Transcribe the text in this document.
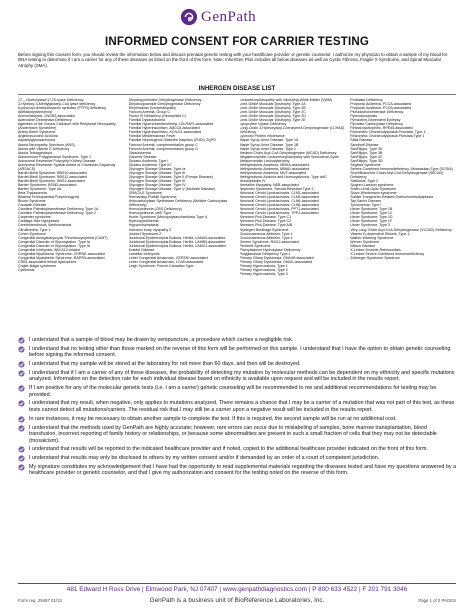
GenPath
INFORMED CONSENT FOR CARRIER TESTING

Before signing this consent form, you should review the information below and discuss prenatal genetic testing with your healthcare provider or genetic counselor. I authorize my physician to obtain a sample of my blood for DNA testing to determine if I am a carrier for any of these diseases as listed on the front of this form. Note: InherGen Plus includes all below diseases as well as Cystic Fibrosis, Fragile X Syndrome, and Spinal Muscular Atrophy (SMA).

INHERGEN DISEASE LIST
17-_-Hydroxylase/17,20-lyase Deficiency
3-Hydroxy-3-Methylglutaryl-CoA lyase deficiency
6-pyruvoyl-tetrahydropterin synthase (PTPS) deficiency
Abetalipoproteinemia
Achromatopsia, CNGB3-associated
Adenosine Deaminase Deficiency
Agenesis of the Corpus Callosum with Peripheral Neuropathy (Andermann Syndrome)
Antley-Bixler Syndrome
Argininosuccinic Aciduria
Aspartylglycosaminuria
Ataxia Neuropathy Spectrum (ANS)
Ataxia with Vitamin E Deficiency
Ataxia-Telangiectasia
Autoimmune Polyglandular Syndrome, Type 1
Autosomal Recessive Polycystic Kidney Disease
Autosomal Recessive Spastic Ataxia of Charlevoix-Saguenay (ARSACS)
Bardet-Biedl Syndrome, BBS10-associated
Bardet-Biedl Syndrome, BBS12-associated
Bardet-Biedl Syndrome, BBS1-associated
Bartter Syndrome, BSND-associated
Bartter Syndrome, Type 4A
Beta Thalassemia
Bilateral Frontoparietal Polymicrogyria
Bloom Syndrome
Canavan Disease
Carnitine Palmitoyltransferase Deficiency, Type 1A
Carnitine Palmitoyltransferase Deficiency, Type 2
Carpenter syndrome
Cartilage-Hair Hypoplasia
Cerebrotendinous Xanthomatosis
Citrullinemia, Type 1
Cohen Syndrome
Congenital Amegakaryocytic Thrombocytopenia (CAMT)
Congenital Disorder of Glycosylation, Type Ia
Congenital Disorder of Glycosylation, Type Ib
Congenital Ichthyosis, ABCA12-related
Congenital Myasthenic Syndrome, CHRNE-associated
Congenital Myasthenic Syndrome, RAPSN-associated
CRB1-associated retinal dystrophies
Crigler-Najjar syndrome
Cystinosis
Dihydropyrimidine Dehydrogenase Deficiency
Dihydrolipoamide Dehydrogenase Deficiency
Ethylmalonic Encephalopathy
Fanconi Anemia, Group C
Factor XI Deficiency (Hemophilia C)
Familial Dysautonomia
Familial Hypercholesterolemia, LDLRAP1-associated
Familial Hyperinsulinism, ABCC8-associated
Familial Hyperinsulinism, KCNJ11-associated
Familial Mediterranean Fever
Familial Nephrogenic Diabetes Insipidus (FNDI), AQP2
Fanconi Anemia, complementation group C
Fanconi Anemia, complementation group G
Galactosemia
Gaucher Disease
Glutaric Acidemia, Type I
Glutaric Acidemia, Type IIC
Glycogen Storage Disease, Type Ia
Glycogen Storage Disease, Type Ib
Glycogen Storage Disease, Type II (Pompe Disease)
Glycogen Storage Disease, Type III
Glycogen Storage Disease, Type IV
Glycogen Storage Disease, Type V (McArdle Disease)
GRACILE Syndrome
Hermansky-Pudlak Syndrome
Holocarboxylase Synthetase Deficiency (Multiple Carboxylase Deficiency)
Homocystinuria (CBS Deficiency)
Homocystinuria, cblE Type
Hurler Syndrome (Mucopolysaccharidosis Type I)
Hydroxyprolinemia
Hypophosphatasia
Inclusion body myopathy 2
Joubert Syndrome 2
Junctional Epidermolysis Bullosa, Herlitz, LAMA3-associated
Junctional Epidermolysis Bullosa, Herlitz, LAMB3-associated
Junctional Epidermolysis Bullosa, Herlitz, LAMC2-associated
Krabbe Disease
Lamellar Ichthyosis
Leber Congenital Amaurosis, CEP290-associated
Leber Congenital Amaurosis, LCA5-associated
Leigh Syndrome, French-Canadian Type
Leukoencephalopathy with Vanishing White Matter (VWM)
Limb-Girdle Muscular Dystrophy, Type 2A
Limb-Girdle Muscular Dystrophy, Type 2B
Limb-Girdle Muscular Dystrophy, Type 2C
Limb-Girdle Muscular Dystrophy, Type 2D
Limb-Girdle Muscular Dystrophy, Type 2E
Lipoprotein Lipase Deficiency
Long-Chain 3-Hydroxyacyl-CoenzymeA Dehydrogenase (LCHAD) Deficiency
Lysinuric Protein Intolerance
Maple Syrup Urine Disease, Type 1A
Maple Syrup Urine Disease, Type 1B
Maple Syrup Urine Disease, Type 2
Medium-Chain Acyl-CoA Dehydrogenase (MCAD) Deficiency
Megalencephalic Leukoencephalopathy with Subcortical Cysts
Metachromatic Leukodystrophy
Methylmalonic Acidemia, MMAA-associated
Methylmalonic Acidemia, MMAB-associated
Methylmalonic Acidemia, MUT-associated
Methylmalonic Aciduria and Homocystinuria, Type cblC
Mucolipidosis IV
Nemaline Myopathy, NEB-associated
Nephrotic Syndrome, Steroid-Resistant Type 2
Neuronal Ceroid Lipofuscinosis, CLN3-associated
Neuronal Ceroid Lipofuscinosis, CLN5-associated
Neuronal Ceroid Lipofuscinosis, CLN6-associated
Neuronal Ceroid Lipofuscinosis, CLN8-associated
Neuronal Ceroid Lipofuscinosis, PPT1-associated
Neuronal Ceroid Lipofuscinosis, TPP1-associated
Niemann-Pick Disease, Type C1
Niemann-Pick Disease, Type C2
Niemann-Pick Disease, Type A/B
Nijmegen Breakage Syndrome
Oculocutaneous Albinism, Type 1
Oculocutaneous Albinism, Type 4
Omenn Syndrome, RAG2-associated
Pendred Syndrome
Phenylalanine Hydroxylase Deficiency
Polyglandular Deficiency Type 1
Primary Ciliary Dyskinesia, DNAH5-associated
Primary Ciliary Dyskinesia, DNAI1-associated
Primary Hyperoxaluria, Type 1
Primary Hyperoxaluria, Type 2
Primary Hyperoxaluria, Type 3
Prolidase Deficiency
Propionic Acidemia, PCCA-associated
Propionic Acidemia, PCCB-associated
Pseudocholinesterase Deficiency
Pycnodysostosis
Pyridoxine-Dependent Epilepsy
Pyruvate Carboxylase Deficiency
Retinal dystrophies, RPE65-associated
Rhizomelic Chondrodysplasia Punctata, Type 1
Rhizomelic Chondrodysplasia Punctata Type 1
Salla Disease
Sandhoff Disease
SanFilippo, Type 3A
SanFilippo, Type 3B
SanFilippo, Type 3C
SanFilippo, Type 3D
Segawa Syndrome
Severe Combined Immunodeficiency, Athabaskan-Type (SCIDA)
Short/Branched Chain Acyl-CoA Dehydrogenase (SBCAD) Deficiency
Sialidosis, Type 2
Sjogren-Larsson syndrome
Smith-Lemli-Opitz Syndrome
Stuve-Wiedemann syndrome
Sulfate Transporter-Related Osteochondrodysplasia
Tay-Sachs Disease
Tyrosinemia, Type I
Usher Syndrome, Type 1B
Usher Syndrome, Type 1C
Usher Syndrome, Type 1D
Usher Syndrome, Type 1F
Usher Syndrome, Type 3
Very Long-Chain Acyl-CoA Dehydrogenase (VLCAD) Deficiency
Vitamin D-dependent Rickets, Type 1
Walker-Warburg Syndrome
Werner Syndrome
Wilson Disease
X-Linked Juvenile Retinoschisis
X-Linked Severe Combined Immunodeficiency
Zellweger Syndrome Spectrum
I understand that a sample of blood may be drawn by venipuncture, a procedure which carries a negligible risk.
I understand that no testing other than those marked on the reverse of this form will be performed on this sample. I understand that I have the option to obtain genetic counseling before signing the informed consent.
I understand that my sample will be stored at the laboratory for not more than 60 days, and then will be destroyed.
I understand that if I am a carrier of any of these diseases, the probability of detecting my mutation by molecular methods can be dependent on my ethnicity and specific mutations analyzed. Information on the detection rate for each individual disease based on ethnicity is available upon request and will be included in the results report.
If I am positive for any of the molecular genetic tests (i.e. I am a carrier) genetic counseling will be recommended to me and additional recommendations for testing may be provided.
I understand that my result, when negative, only applies to mutations analyzed. There remains a chance that I may be a carrier of a mutation that was not part of this test, as these tests cannot detect all mutations/carriers. The residual risk that I may still be a carrier upon a negative result will be included in the results report.
In rare instances, it may be necessary to obtain another sample to complete the test. If this is required, the second sample will be run at no additional cost.
I understand that the methods used by GenPath are highly accurate; however, rare errors can occur due to mislabeling of samples, bone marrow transplantation, blood transfusion, incorrect reporting of family history or relationships, or because some abnormalities are present in such a small fraction of cells that they may not be detectable (mosaicism).
I understand that results will be reported to the indicated healthcare provider and if noted, copied to the additional healthcare provider indicated on the front of this form.
I understand that results may only be disclosed to others by my written consent and/or if demanded by an order of a court of competent jurisdiction.
My signature constitutes my acknowledgement that I have had the opportunity to read supplemental materials regarding the diseases tested and have my questions answered by a healthcare provider or genetic counselor, and that I give my authorization and consent for the testing noted on the reverse of this form.
481 Edward H Ross Drive | Elmwood Park, NJ 07407 | www.genpathdiagnostics.com | P 800 633 4522 | F 201 791 3046
Form req. 29497 01/13	GenPath is a business unit of BioReference Laboratories, Inc.	Page 1 of 2 PAGES
